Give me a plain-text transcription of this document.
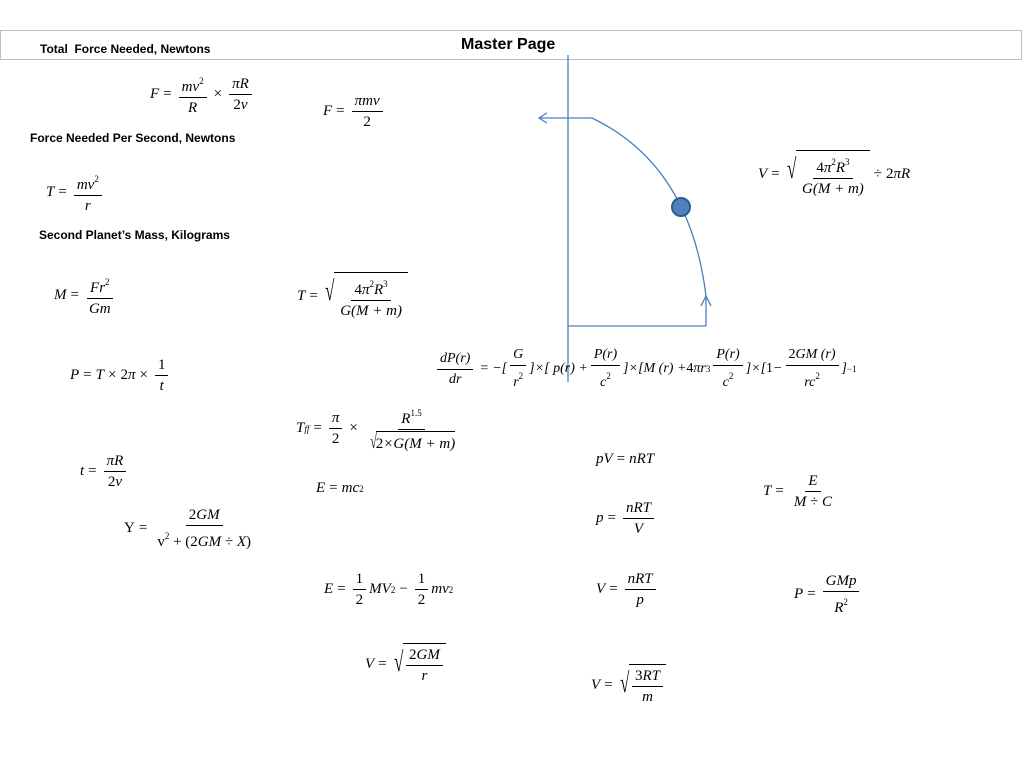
Master Page
Total  Force Needed, Newtons
Force Needed Per Second, Newtons
Second Planet’s Mass, Kilograms
$F = \frac{mv^2}{R} \times \frac{\pi R}{2v}$	$F = \frac{\text{πmv}}{2}$
$T = \frac{mv^2}{r}$	V = √ $\frac{4\pi^2R^3}{G(M + m)} \div 2$ πR
$M = \frac{Fr^2}{Gm}$	T = √ $\frac{4\pi^2R^3}{G(M + m)}$
$\frac{dP(r)}{dr}$ = −[ $\frac{G}{r^2}$ ]×[ $p(r) + \frac{P(r)}{c^2} ]\times[M$ (r) + 4 πr $3 \frac{P(r)}{c^2}$ ]×[ $1 - \frac{2GM (r)}{rc^2}$ ] −1
P = T × 2 $\pi \times \frac{1}{t}$
T ff = $\frac{\pi}{2} \times \frac{R^{1.5}}{√ 2 \times G(M + m)}$
pV = nRT
$t = \frac{\pi R}{2v}$	E = mc 2	$T = \frac{E}{M \div C}$
$Y = \frac{2GM}{v^2 + (2GM \div X)}$	$p = \frac{\text{nRT}}{V}$
$E = \frac{1}{2}$ MV $2 - \frac{1}{2}$ mv 2	$V = \frac{\text{nRT}}{p}$	$P = \frac{\text{GMp}}{R^2}$
V = √ $\frac{2GM}{r}$	V = √ $\frac{3RT}{m}$
